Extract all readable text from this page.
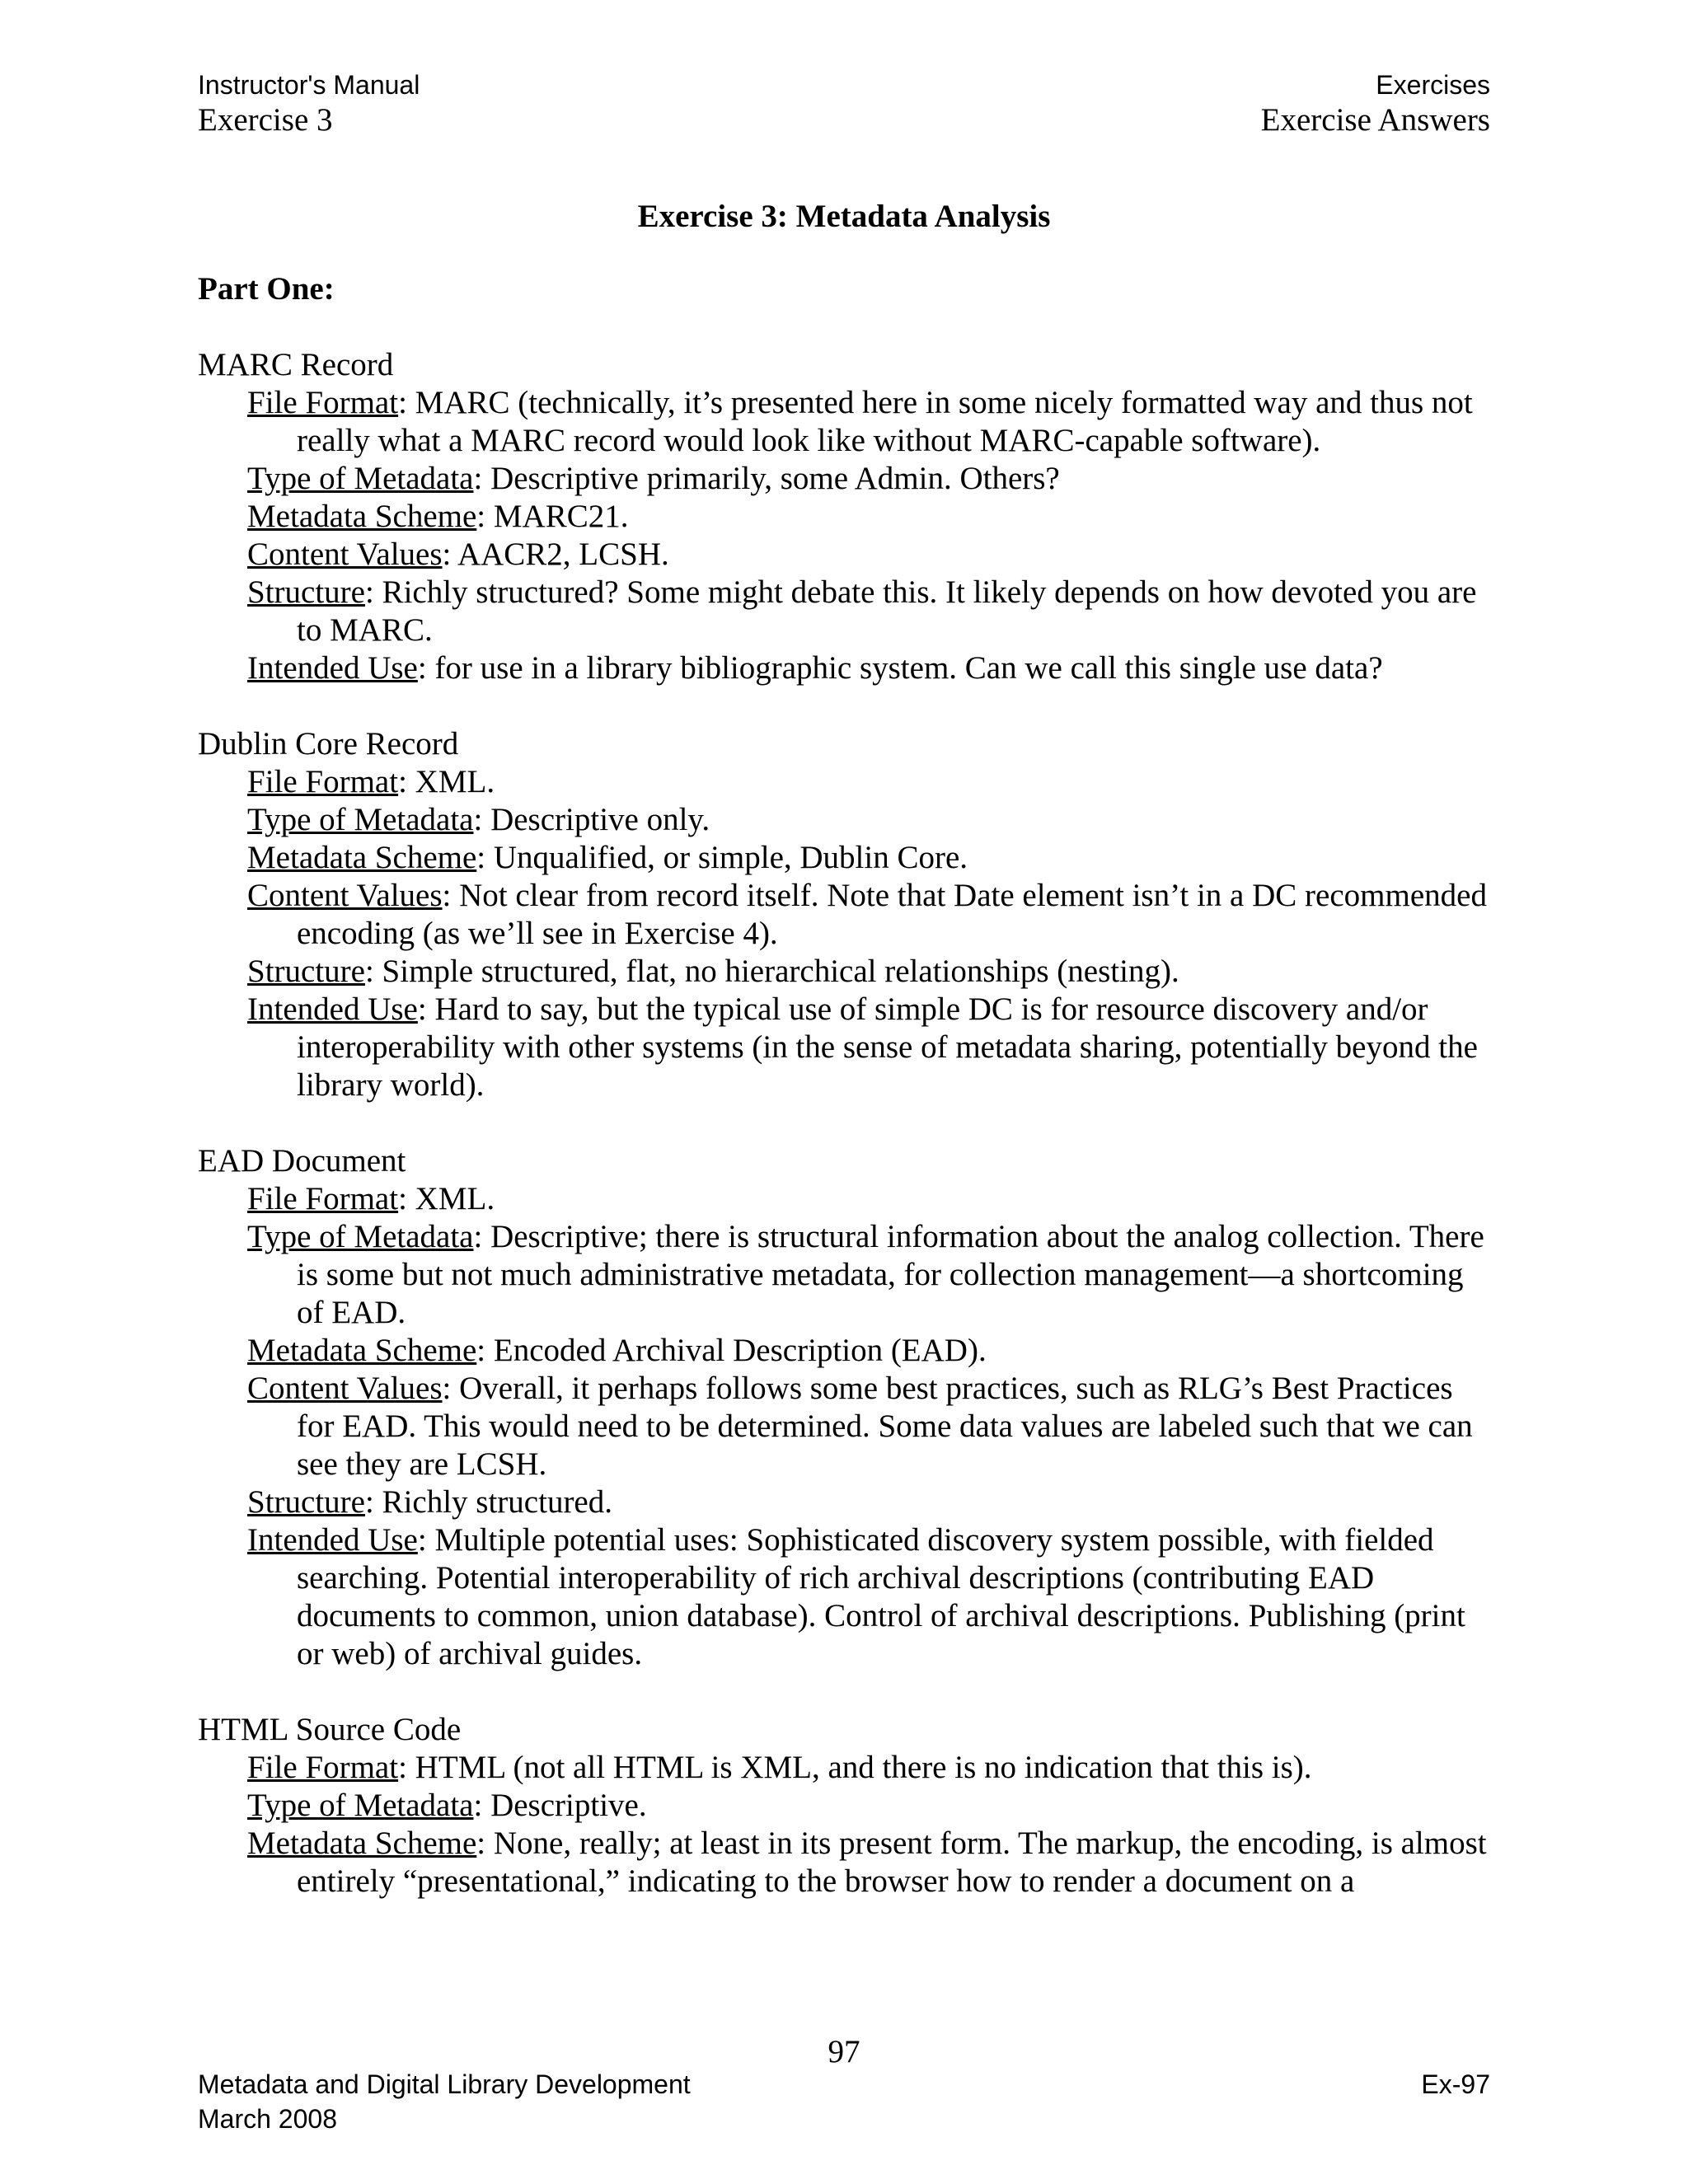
Instructor's Manual
Exercise 3
Exercises
Exercise Answers
Exercise 3: Metadata Analysis
Part One:
MARC Record

File Format: MARC (technically, it’s presented here in some nicely formatted way and thus not really what a MARC record would look like without MARC-capable software).

Type of Metadata: Descriptive primarily, some Admin. Others?

Metadata Scheme: MARC21.

Content Values: AACR2, LCSH.

Structure: Richly structured? Some might debate this. It likely depends on how devoted you are to MARC.

Intended Use: for use in a library bibliographic system. Can we call this single use data?

Dublin Core Record

File Format: XML.

Type of Metadata: Descriptive only.

Metadata Scheme: Unqualified, or simple, Dublin Core.

Content Values: Not clear from record itself. Note that Date element isn’t in a DC recommended encoding (as we’ll see in Exercise 4).

Structure: Simple structured, flat, no hierarchical relationships (nesting).

Intended Use: Hard to say, but the typical use of simple DC is for resource discovery and/or interoperability with other systems (in the sense of metadata sharing, potentially beyond the library world).

EAD Document

File Format: XML.

Type of Metadata: Descriptive; there is structural information about the analog collection. There is some but not much administrative metadata, for collection management—a shortcoming of EAD.

Metadata Scheme: Encoded Archival Description (EAD).

Content Values: Overall, it perhaps follows some best practices, such as RLG’s Best Practices for EAD. This would need to be determined. Some data values are labeled such that we can see they are LCSH.

Structure: Richly structured.

Intended Use: Multiple potential uses: Sophisticated discovery system possible, with fielded searching. Potential interoperability of rich archival descriptions (contributing EAD documents to common, union database). Control of archival descriptions. Publishing (print or web) of archival guides.

HTML Source Code

File Format: HTML (not all HTML is XML, and there is no indication that this is).

Type of Metadata: Descriptive.

Metadata Scheme: None, really; at least in its present form. The markup, the encoding, is almost entirely “presentational,” indicating to the browser how to render a document on a

97
Metadata and Digital Library Development
March 2008
Ex-97
